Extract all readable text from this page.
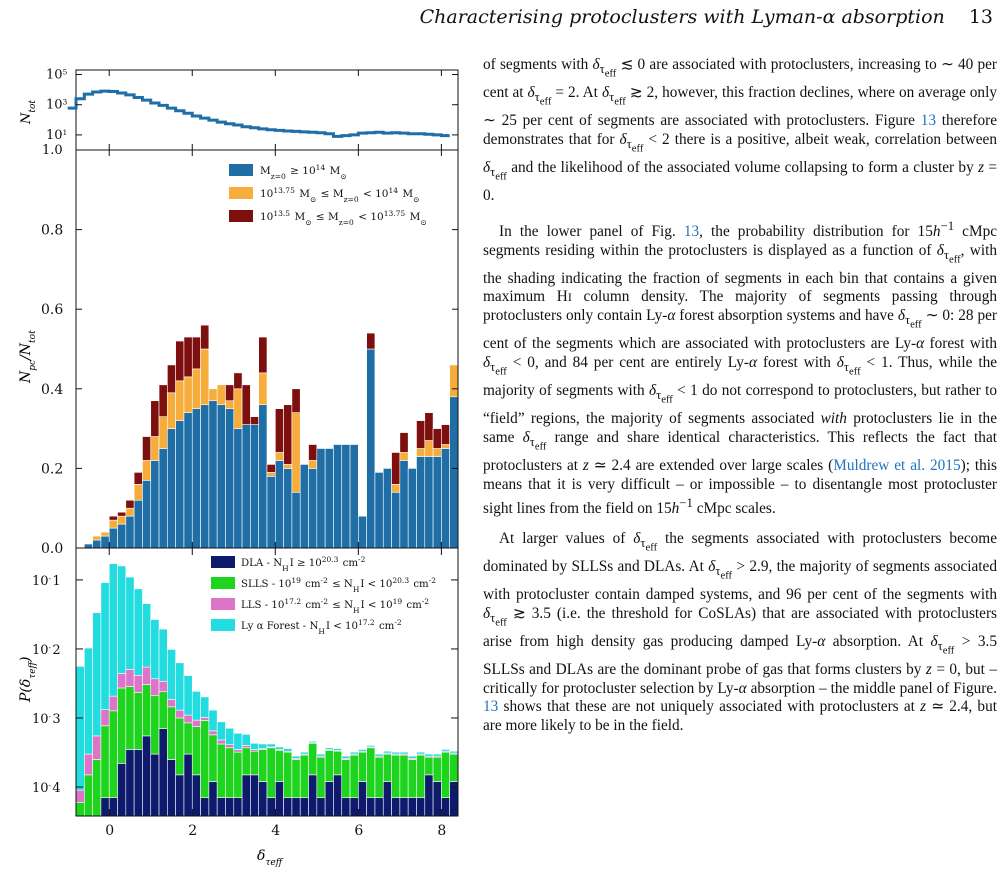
Characterising protoclusters with Lyman-α absorption 13
$10^5$ 
$10^3$ 
$10^1$ 
1.0
$N_{tot}$
0.8
0.6
0.4
0.2
0.0
$N_{pc}/N_{tot}$
$M_{z=0}$  ≥ $10^{14}$  $M_⊙$ 
$10^{13.75}$  $M_⊙$  ≤ $M_{z=0}$  < $10^{14}$  $M_⊙$ 
$10^{13.5}$  $M_⊙$  ≤ $M_{z=0}$  < $10^{13.75}$  $M_⊙$ 
10- 1
10- 2
10- 3
10- 4
0	2	4	6	8
$\delta_{\tau eff}$
$P(\delta_{\tau eff})$
DLA - $N_H$ $I \ge 10^{20.3}$  $cm^{-2}$ 
SLLS - $10^{19}$  $cm^{-2}$  ≤ $N_H$ $I < 10^{20.3}$  $cm^{-2}$ 
LLS - $10^{17.2}$  $cm^{-2}$  ≤ $N_H$ $I < 10^{19}$  $cm^{-2}$ 
Ly α Forest - $N_H$ $I < 10^{17.2}$  $cm^{-2}$ 

of segments with $\delta_{\tau_{eff}}$ ≲ 0 are associated with protoclusters, increasing to ∼ 40 per cent at $\delta_{\tau_{eff}} = 2$. At $\delta_{\tau_{eff}}$ ≳ 2, however, this fraction declines, where on average only ∼ 25 per cent of segments are associated with protoclusters. Figure 13 therefore demonstrates that for $\delta_{\tau_{eff}} < 2$ there is a positive, albeit weak, correlation between $\delta_{\tau_{eff}}$ and the likelihood of the associated volume collapsing to form a cluster by z = 0.

In the lower panel of Fig. 13, the probability distribution for $15h^{-1}$ cMpc segments residing within the protoclusters is displayed as a function of $\delta_{\tau_{eff}}$, with the shading indicating the fraction of segments in each bin that contains a given maximum HI column density. The majority of segments passing through protoclusters only contain Ly-α forest absorption systems and have $\delta_{\tau_{eff}}$ ∼ 0: 28 per cent of the segments which are associated with protoclusters are Ly-α forest with $\delta_{\tau_{eff}} < 0$, and 84 per cent are entirely Ly-α forest with $\delta_{\tau_{eff}} < 1$. Thus, while the majority of segments with $\delta_{\tau_{eff}} < 1$ do not correspond to protoclusters, but rather to “field” regions, the majority of segments associated with protoclusters lie in the same $\delta_{\tau_{eff}}$ range and share identical characteristics. This reflects the fact that protoclusters at z ≃ 2.4 are extended over large scales (Muldrew et al. 2015); this means that it is very difficult – or impossible – to disentangle most protocluster sight lines from the field on $15h^{-1}$ cMpc scales.

At larger values of $\delta_{\tau_{eff}}$ the segments associated with protoclusters become dominated by SLLSs and DLAs. At $\delta_{\tau_{eff}} > 2.9$, the majority of segments associated with protocluster contain damped systems, and 96 per cent of the segments with $\delta_{\tau_{eff}}$ ≳ 3.5 (i.e. the threshold for CoSLAs) that are associated with protoclusters arise from high density gas producing damped Ly-α absorption. At $\delta_{\tau_{eff}} > 3.5$ SLLSs and DLAs are the dominant probe of gas that forms clusters by z = 0, but – critically for protocluster selection by Ly-α absorption – the middle panel of Figure. 13 shows that these are not uniquely associated with protoclusters at z ≃ 2.4, but are more likely to be in the field.
